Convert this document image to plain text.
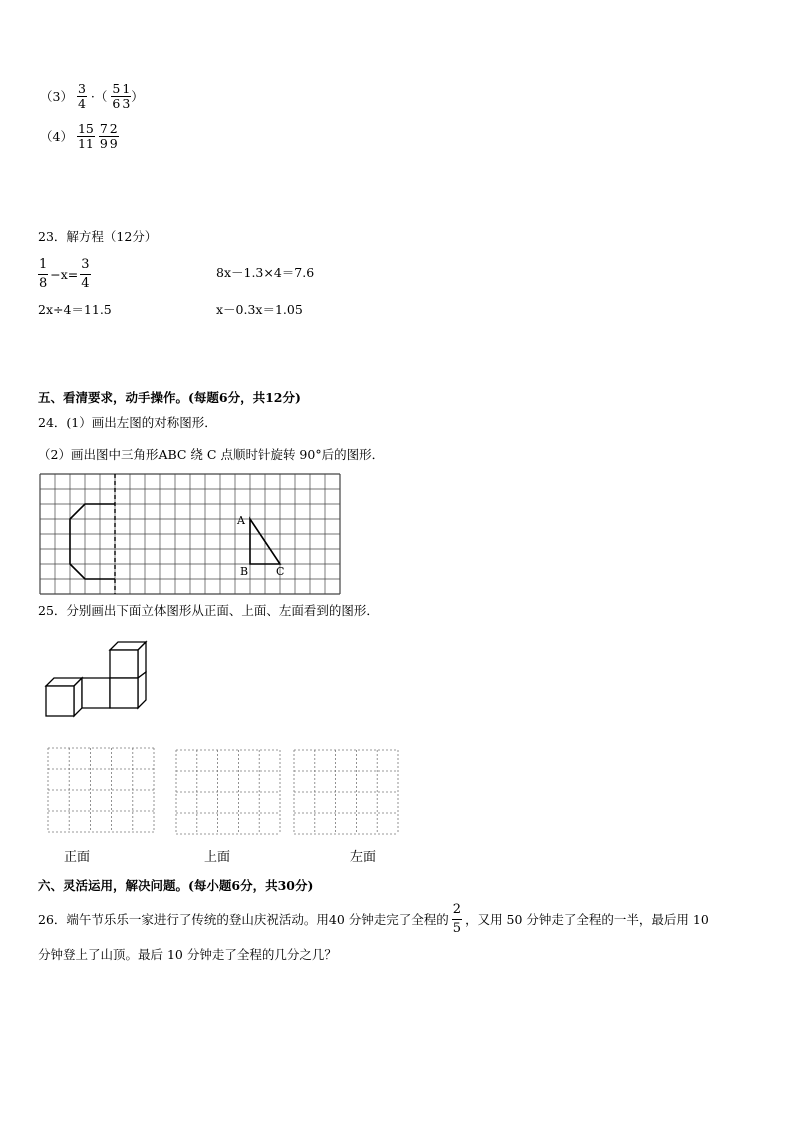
$(3) \frac{3}{4}$ ·（ $\frac{5}{6} \frac{1}{3}$ ）
$(4) \frac{15}{11}$
$\frac{7}{9} \frac{2}{9}$
23．解方程（12分）
$\frac{1}{8} -x= \frac{3}{4}$	8x－1.3×4＝7.6
2x÷4＝11.5	x－0.3x＝1.05
五、看清要求，动手操作。(每题6分，共12分)
24．(1）画出左图的对称图形．
（2）画出图中三角形ABC 绕 C 点顺时针旋转 90°后的图形．
A
B	C
25．分别画出下面立体图形从正面、上面、左面看到的图形．
正面	上面	左面
六、灵活运用，解决问题。(每小题6分，共30分)
26．端午节乐乐一家进行了传统的登山庆祝活动。用40 分钟走完了全程的 $\frac{2}{5}$ ，又用 50 分钟走了全程的一半，最后用 10
分钟登上了山顶。最后 10 分钟走了全程的几分之几？
